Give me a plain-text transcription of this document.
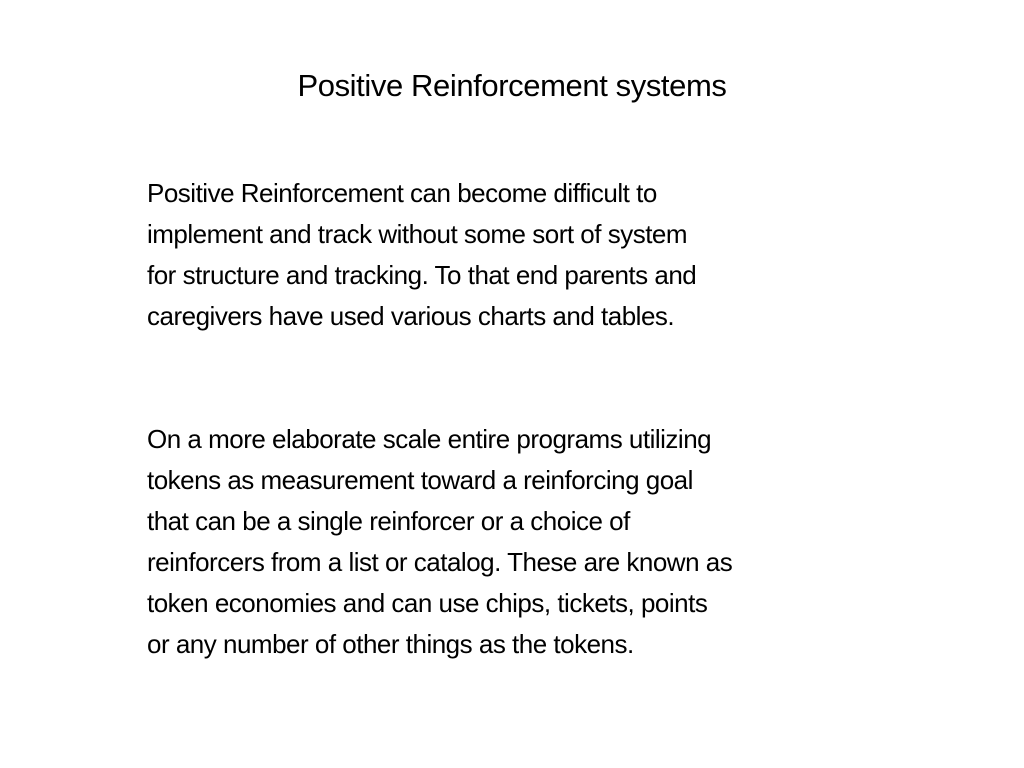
Positive Reinforcement systems

Positive Reinforcement can become difficult to
implement and track without some sort of system
for structure and tracking. To that end parents and
caregivers have used various charts and tables.

On a more elaborate scale entire programs utilizing
tokens as measurement toward a reinforcing goal
that can be a single reinforcer or a choice of
reinforcers from a list or catalog. These are known as
token economies and can use chips, tickets, points
or any number of other things as the tokens.
